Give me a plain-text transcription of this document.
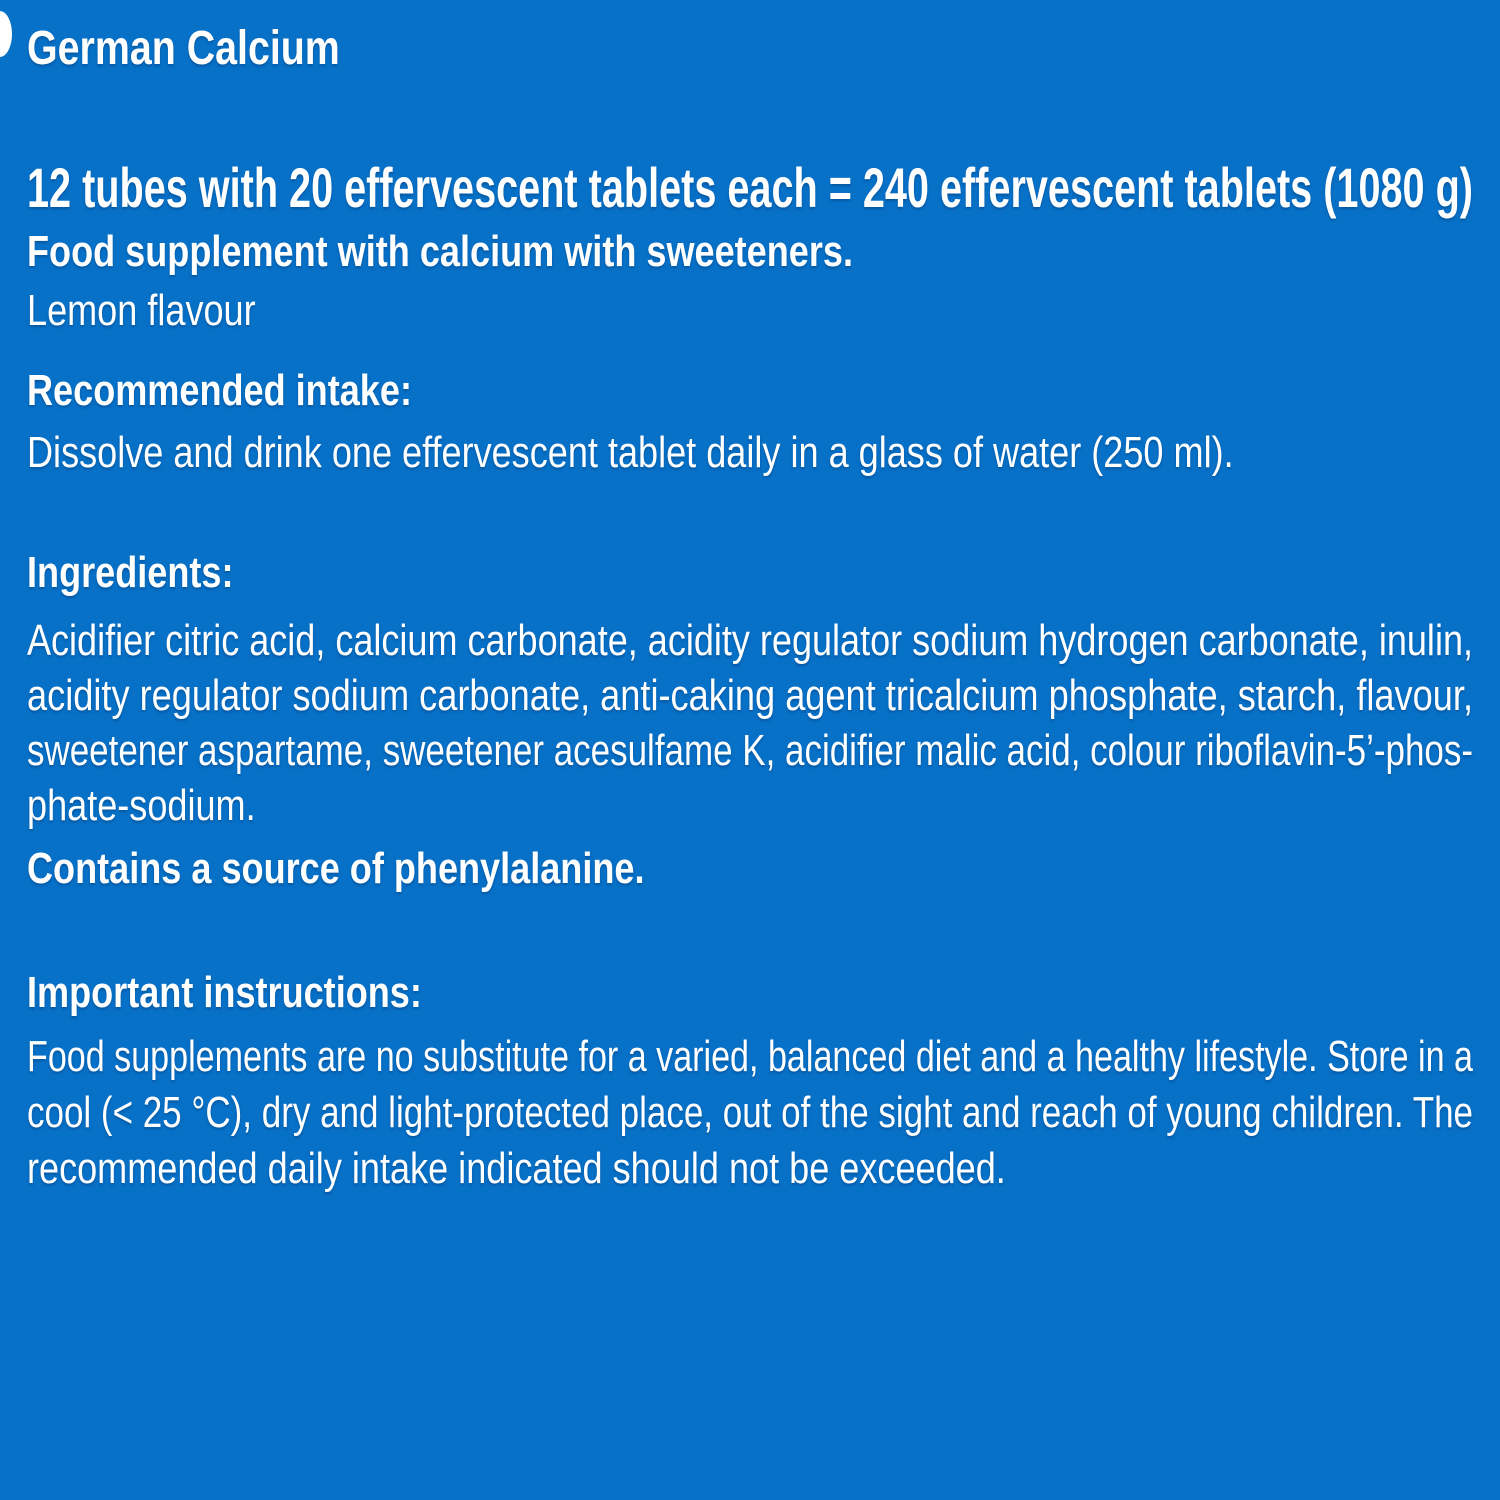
German Calcium
12 tubes with 20 effervescent tablets each = 240 effervescent tablets (1080 g)
Food supplement with calcium with sweeteners.
Lemon flavour
Recommended intake:
Dissolve and drink one effervescent tablet daily in a glass of water (250 ml).
Ingredients:
Acidifier citric acid, calcium carbonate, acidity regulator sodium hydrogen carbonate, inulin,
acidity regulator sodium carbonate, anti-caking agent tricalcium phosphate, starch, flavour,
sweetener aspartame, sweetener acesulfame K, acidifier malic acid, colour riboflavin-5’-phos-
phate-sodium.
Contains a source of phenylalanine.
Important instructions:
Food supplements are no substitute for a varied, balanced diet and a healthy lifestyle. Store in a
cool (< 25 °C), dry and light-protected place, out of the sight and reach of young children. The
recommended daily intake indicated should not be exceeded.
